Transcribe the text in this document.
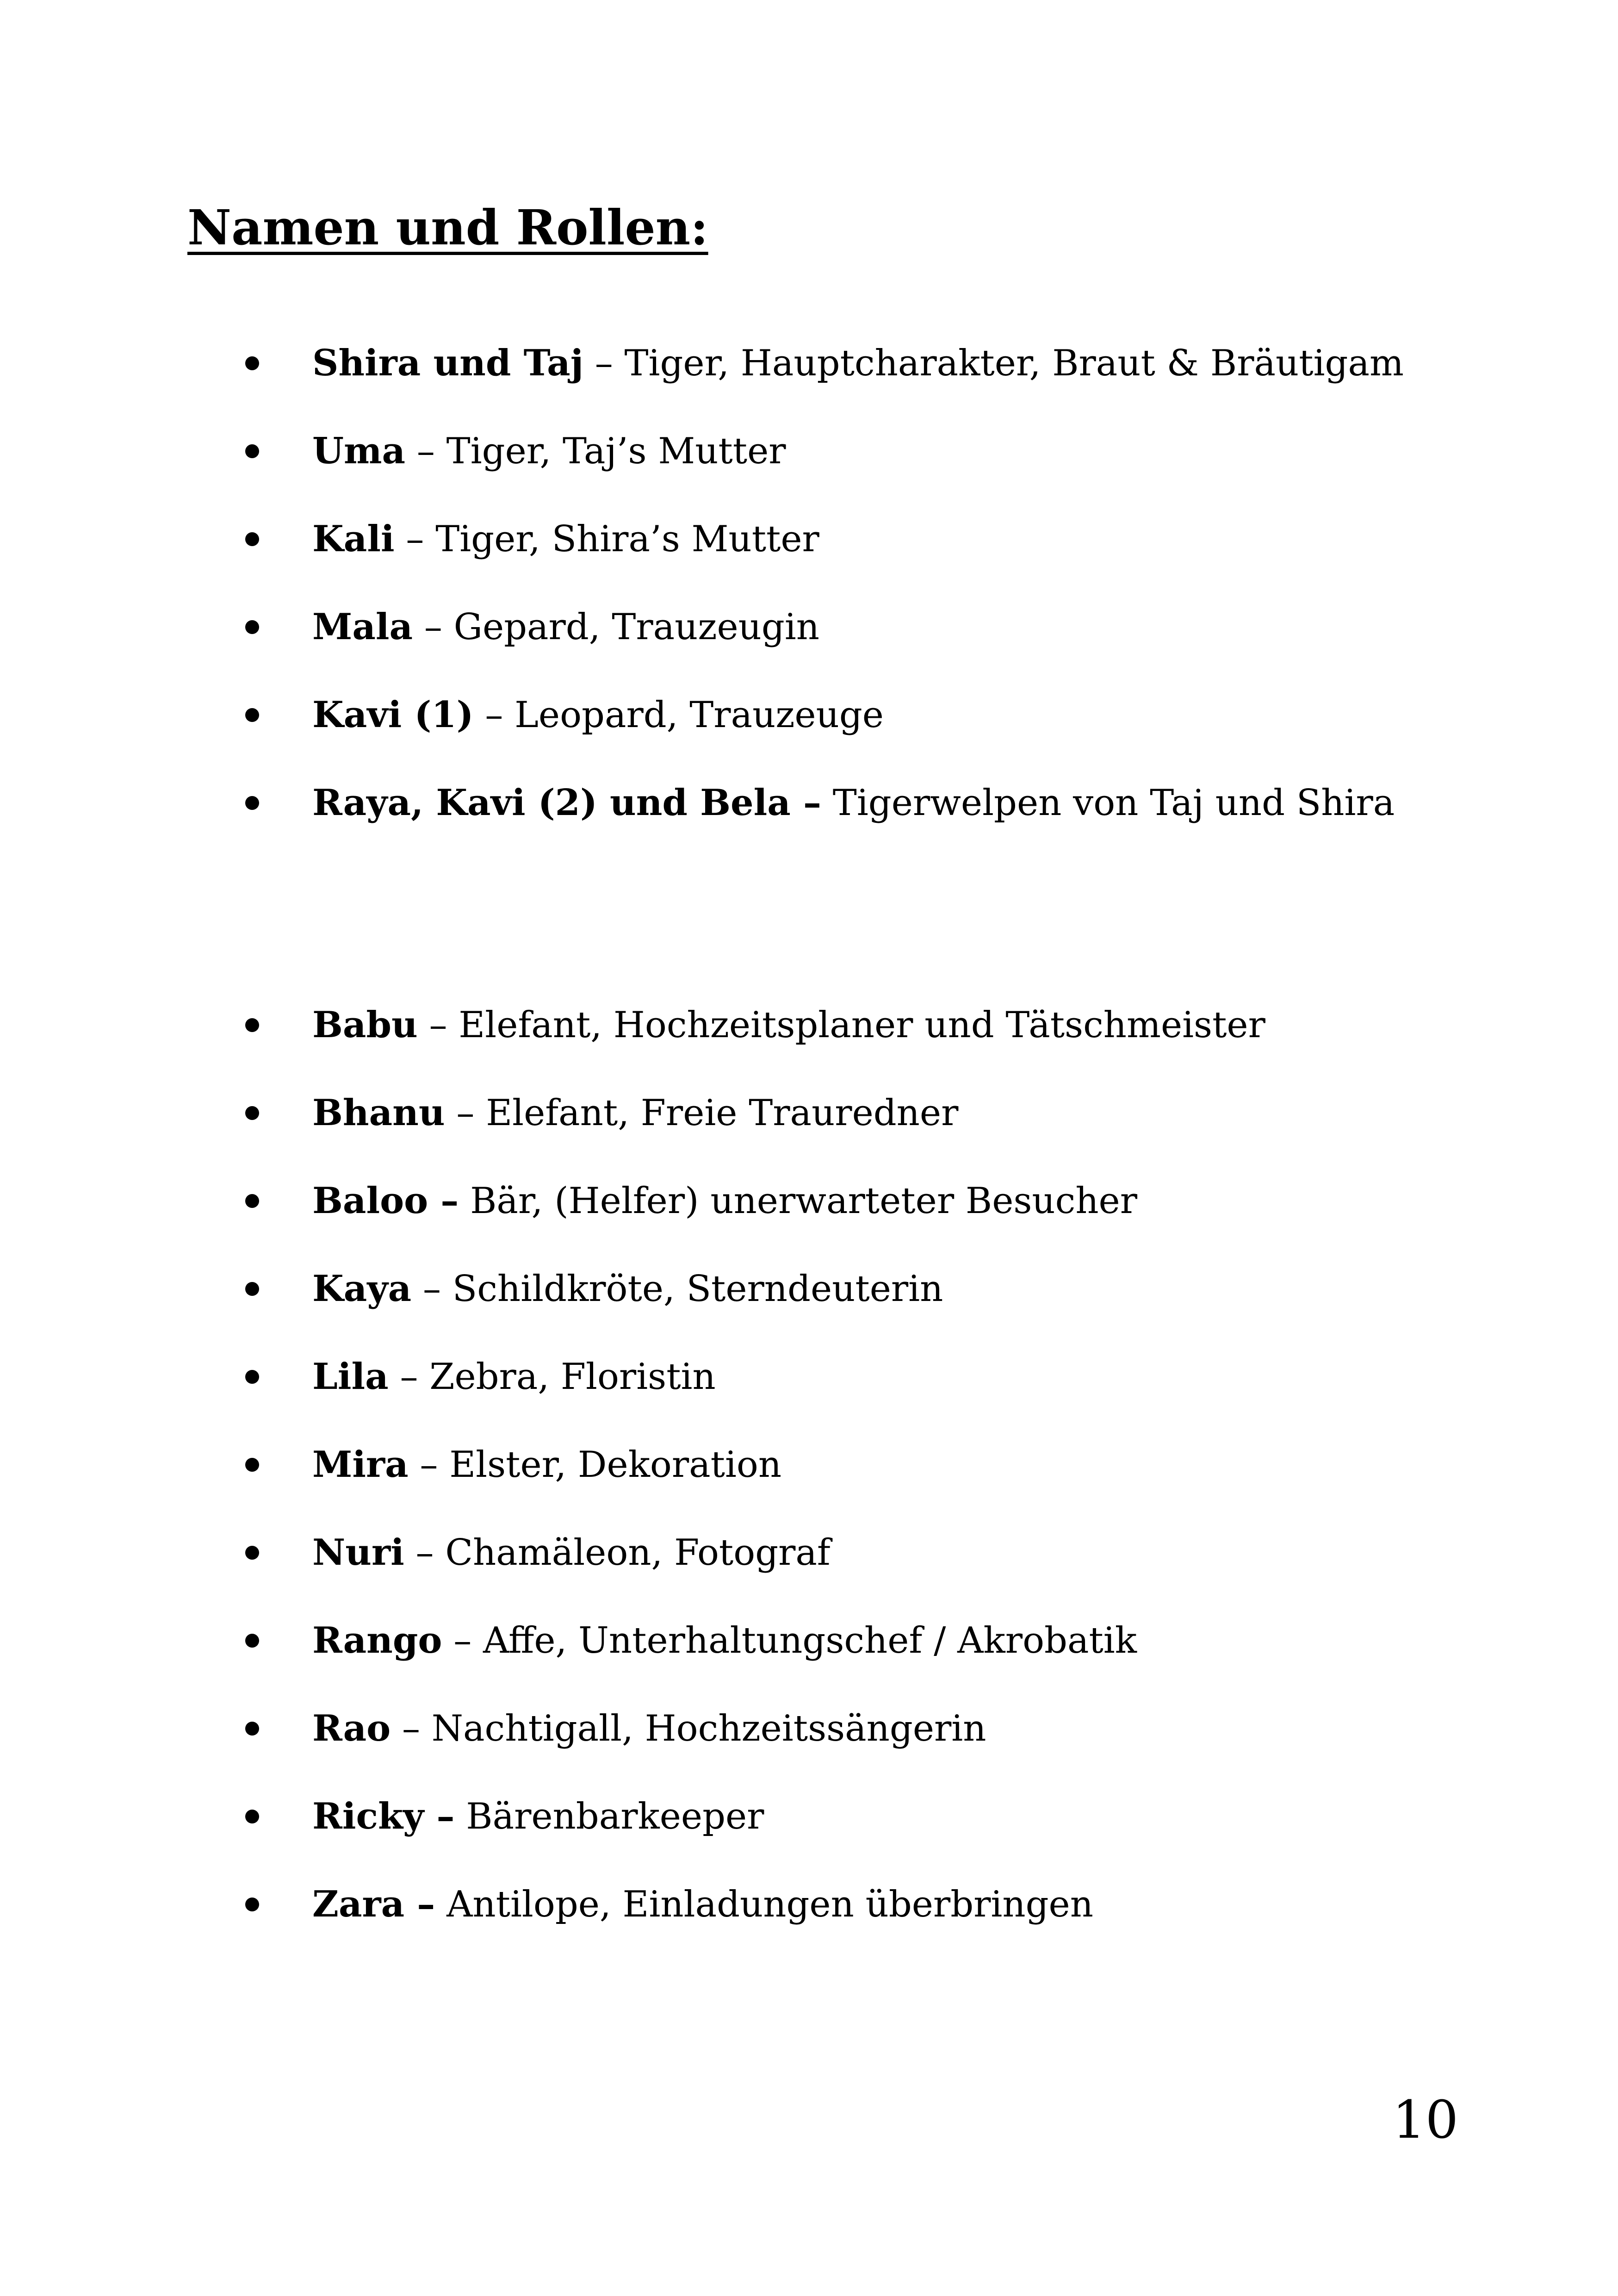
Namen und Rollen:
Shira und Taj – Tiger, Hauptcharakter, Braut & Bräutigam
Uma – Tiger, Taj’s Mutter
Kali – Tiger, Shira’s Mutter
Mala – Gepard, Trauzeugin
Kavi (1) – Leopard, Trauzeuge
Raya, Kavi (2) und Bela – Tigerwelpen von Taj und Shira
Babu – Elefant, Hochzeitsplaner und Tätschmeister
Bhanu – Elefant, Freie Trauredner
Baloo – Bär, (Helfer) unerwarteter Besucher
Kaya – Schildkröte, Sterndeuterin
Lila – Zebra, Floristin
Mira – Elster, Dekoration
Nuri – Chamäleon, Fotograf
Rango – Affe, Unterhaltungschef / Akrobatik
Rao – Nachtigall, Hochzeitssängerin
Ricky – Bärenbarkeeper
Zara – Antilope, Einladungen überbringen
10
